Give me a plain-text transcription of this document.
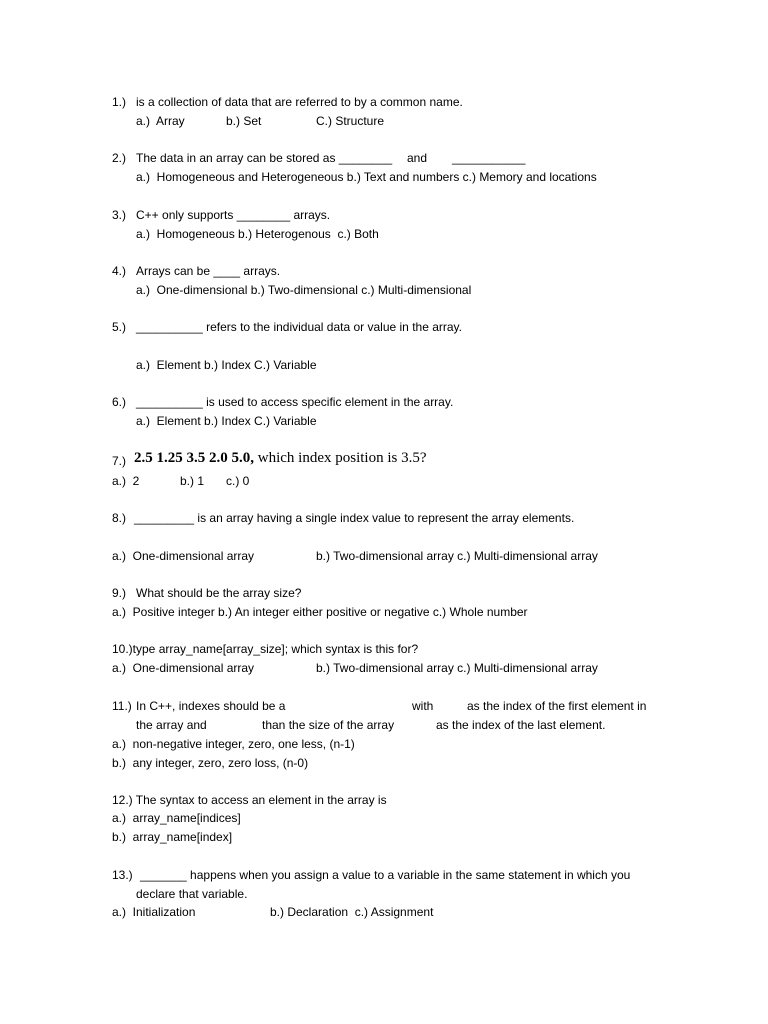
1.) is a collection of data that are referred to by a common name.
a.)  Array	b.) Set	C.) Structure
2.) The data in an array can be stored as ________ and ___________
a.)  Homogeneous and Heterogeneous b.) Text and numbers c.) Memory and locations
3.) C++ only supports ________ arrays.
a.)  Homogeneous b.) Heterogenous  c.) Both
4.) Arrays can be ____ arrays.
a.)  One-dimensional b.) Two-dimensional c.) Multi-dimensional
5.) __________ refers to the individual data or value in the array.
a.)  Element b.) Index C.) Variable
6.) __________ is used to access specific element in the array.
a.)  Element b.) Index C.) Variable
7.) 2.5 1.25 3.5 2.0 5.0, which index position is 3.5?
a.)  2	b.) 1 c.) 0
8.) _________ is an array having a single index value to represent the array elements.
a.)  One-dimensional array	b.) Two-dimensional array c.) Multi-dimensional array
9.) What should be the array size?
a.)  Positive integer b.) An integer either positive or negative c.) Whole number
10.)type array_name[array_size]; which syntax is this for?
a.)  One-dimensional array	b.) Two-dimensional array c.) Multi-dimensional array
11.) In C++, indexes should be a	with	as the index of the first element in
the array and	than the size of the array	as the index of the last element.
a.)  non-negative integer, zero, one less, (n-1)
b.)  any integer, zero, zero loss, (n-0)
12.) The syntax to access an element in the array is
a.)  array_name[indices]
b.)  array_name[index]
13.) _______ happens when you assign a value to a variable in the same statement in which you
declare that variable.
a.)  Initialization	b.) Declaration  c.) Assignment
